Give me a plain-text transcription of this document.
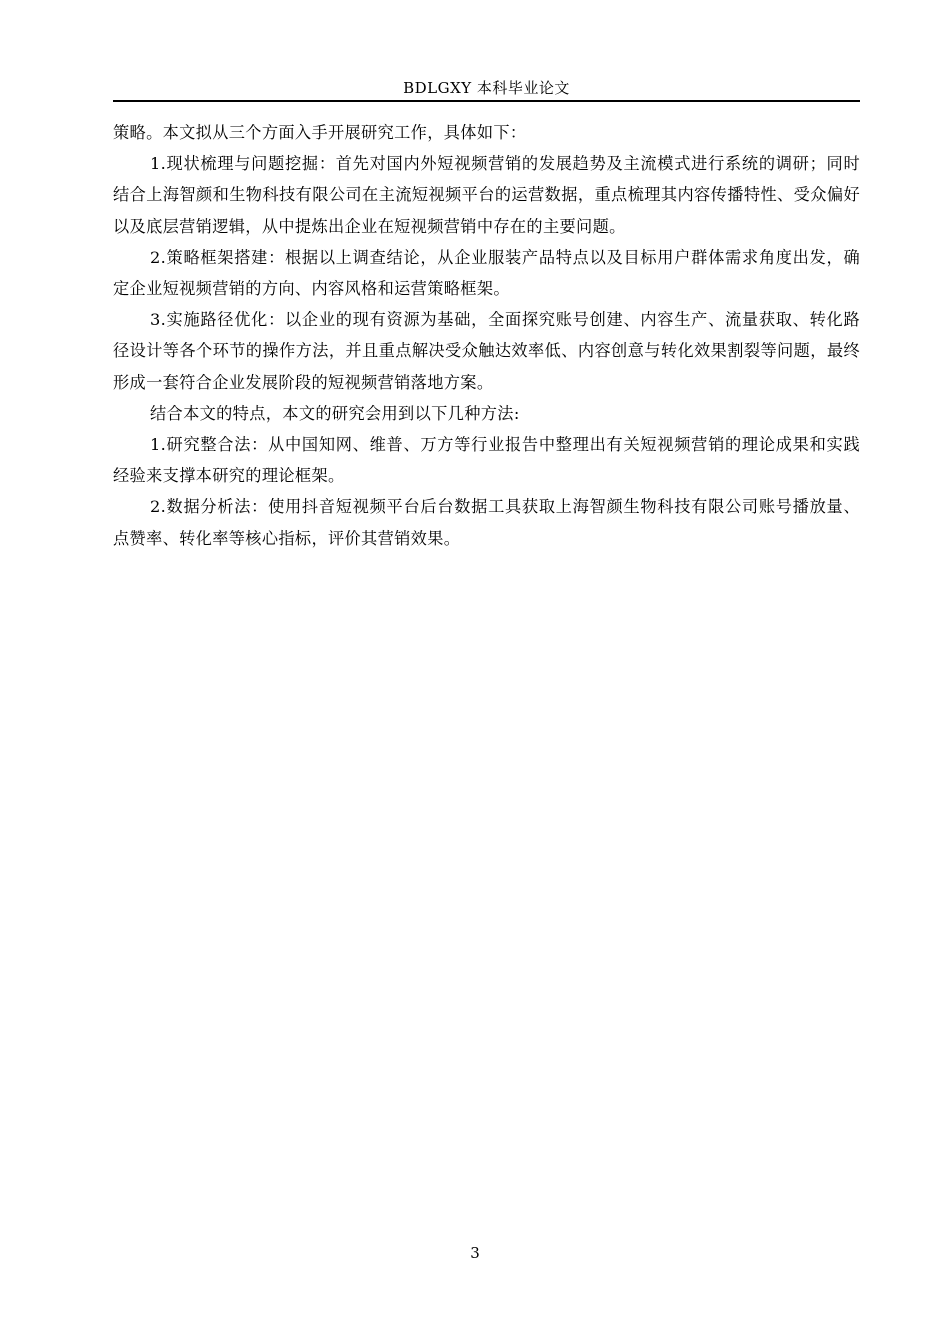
BDLGXY 本科毕业论文

策略。本文拟从三个方面入手开展研究工作，具体如下：

1.现状梳理与问题挖掘：首先对国内外短视频营销的发展趋势及主流模式进行系统的调研；同时结合上海智颜和生物科技有限公司在主流短视频平台的运营数据，重点梳理其内容传播特性、受众偏好以及底层营销逻辑，从中提炼出企业在短视频营销中存在的主要问题。

2.策略框架搭建：根据以上调查结论，从企业服装产品特点以及目标用户群体需求角度出发，确定企业短视频营销的方向、内容风格和运营策略框架。

3.实施路径优化：以企业的现有资源为基础，全面探究账号创建、内容生产、流量获取、转化路径设计等各个环节的操作方法，并且重点解决受众触达效率低、内容创意与转化效果割裂等问题，最终形成一套符合企业发展阶段的短视频营销落地方案。

结合本文的特点，本文的研究会用到以下几种方法:

1.研究整合法：从中国知网、维普、万方等行业报告中整理出有关短视频营销的理论成果和实践经验来支撑本研究的理论框架。

2.数据分析法：使用抖音短视频平台后台数据工具获取上海智颜生物科技有限公司账号播放量、点赞率、转化率等核心指标，评价其营销效果。

3
